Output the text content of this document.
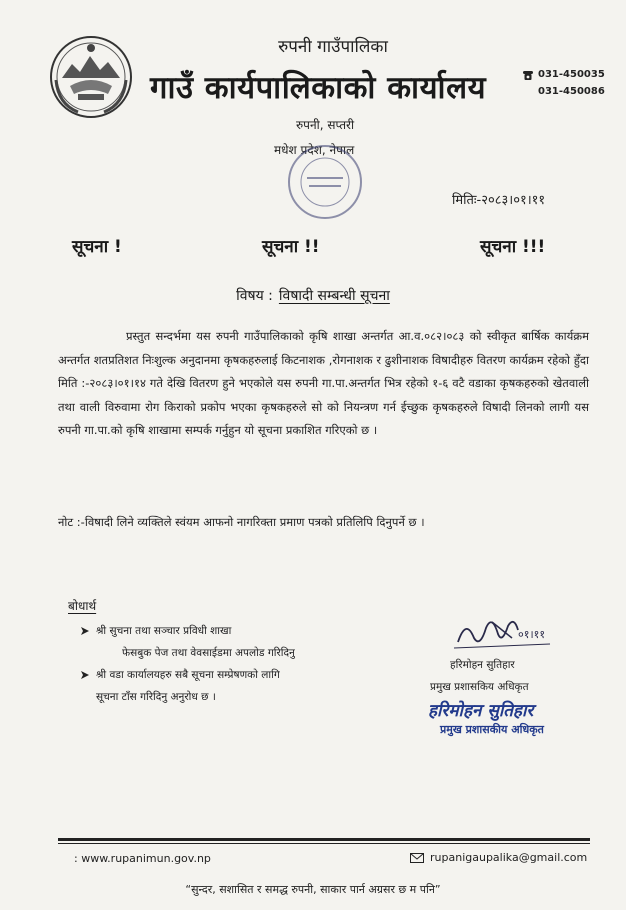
रुपनी गाउँपालिका
गाउँ कार्यपालिकाको कार्यालय
रुपनी, सप्तरी
मधेश प्रदेश, नेपाल
031-450035
031-450086
मितिः-२०८३।०१।११
सूचना !	सूचना !!	सूचना !!!
विषय : विषादी सम्बन्धी सूचना

प्रस्तुत सन्दर्भमा यस रुपनी गाउँपालिकाको कृषि शाखा अन्तर्गत आ.व.०८२।०८३ को स्वीकृत बार्षिक कार्यक्रम अन्तर्गत शतप्रतिशत निःशुल्क अनुदानमा कृषकहरुलाई किटनाशक ,रोगनाशक र ढुशीनाशक विषादीहरु वितरण कार्यक्रम रहेको हुँदा मिति :-२०८३।०१।१४ गते देखि वितरण हुने भएकोले यस रुपनी गा.पा.अन्तर्गत भित्र रहेको १-६ वटै वडाका कृषकहरुको खेतवाली तथा वाली विरुवामा रोग किराको प्रकोप भएका कृषकहरुले सो को नियन्त्रण गर्न ईच्छुक कृषकहरुले विषादी लिनको लागी यस रुपनी गा.पा.को कृषि शाखामा सम्पर्क गर्नुहुन यो सूचना प्रकाशित गरिएको छ ।

नोट :-विषादी लिने व्यक्तिले स्वंयम आफनो नागरिक्ता प्रमाण पत्रको प्रतिलिपि दिनुपर्ने छ ।
बोधार्थ
श्री सुचना तथा सञ्चार प्रविधी शाखा
फेसबुक पेज तथा वेवसाईडमा अपलोड गरिदिनु
श्री वडा कार्यालयहरु सबै सूचना सम्प्रेषणको लागि
सूचना टाँस गरिदिनु अनुरोध छ ।
०१।११
हरिमोहन सुतिहार
प्रमुख प्रशासकिय अधिकृत
हरिमोहन सुतिहार
प्रमुख प्रशासकीय अधिकृत
: www.rupanimun.gov.np	rupanigaupalika@gmail.com
“सुन्दर, सशासित र समद्ध रुपनी, साकार पार्न अग्रसर छ म पनि”
